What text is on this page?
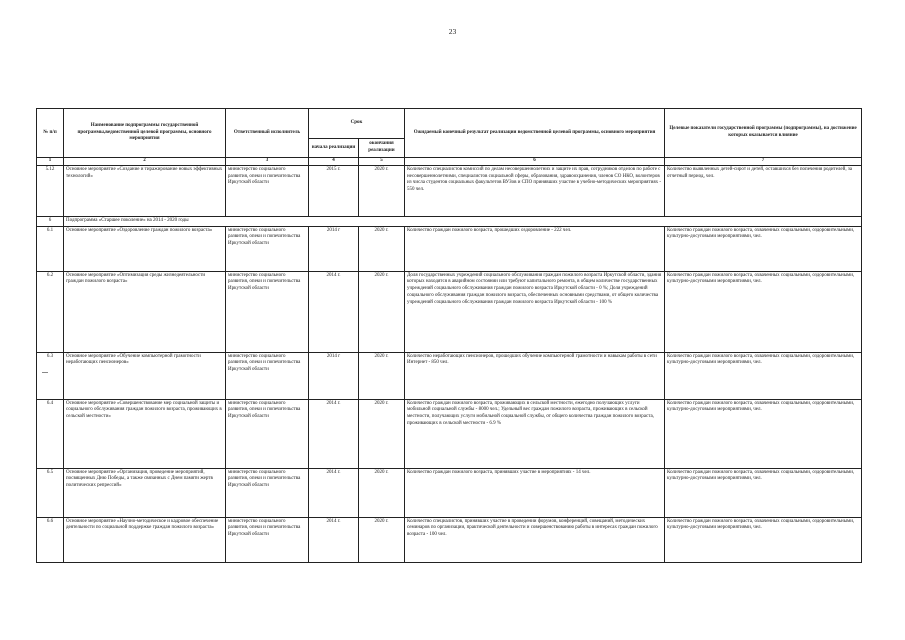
23
№ п/п	Наименование подпрограммы государственной программы,ведомственной целевой программы, основного мероприятия	Ответственный исполнитель	Срок		Ожидаемый конечный результат реализации ведомственной целевой программы, основного мероприятия	Целевые показатели государственной программы (подпрограммы), на достижение которых оказывается влияние
			начала реализации	окончания реализации		
1	2	3	4	5	6	7
5.12	Основное мероприятие «Создание и тиражирование новых эффективных технологий»	министерство социального развития, опеки и попечительства Иркутской области	2015 г.	2020 г.	Количество специалистов комиссий по делам несовершеннолетних и защите их прав, сотрудников отделов по работе с несовершеннолетними, специалистов социальной сферы, образования, здравоохранения, членов СО НКО, волонтеров из числа студентов социальных факультетов ВУЗов и СПО принявших участие в учебно-методических мероприятиях - 550 чел.	Количество выявленных детей-сирот и детей, оставшихся без попечения родителей, за отчетный период, чел.
6	Подпрограмма «Старшее поколение» на 2014 - 2020 годы					
6.1	Основное мероприятие «Оздоровление граждан пожилого возраста»	министерство социального развития, опеки и попечительства Иркутской области	2014 г	2020 г.	Количество граждан пожилого возраста, прошедших оздоровление - 222 чел.	Количество граждан пожилого возраста, охваченных социальными, оздоровительными, культурно-досуговыми мероприятиями, чел.
6.2	Основное мероприятие «Оптимизация среды жизнедеятельности граждан пожилого возраста»	министерство социального развития, опеки и попечительства Иркутской области	2014 г.	2020 г.	Доля государственных учреждений социального обслуживания граждан пожилого возраста Иркутской области, здания которых находятся в аварийном состоянии или требуют капитального ремонта, в общем количестве государственных учреждений социального обслуживания граждан пожилого возраста Иркутской области - 0 %; Доля учреждений социального обслуживания граждан пожилого возраста, обеспеченных основными средствами, от общего количества учреждений социального обслуживания граждан пожилого возраста Иркутской области - 100 %	Количество граждан пожилого возраста, охваченных социальными, оздоровительными, культурно-досуговыми мероприятиями, чел.
6.3	Основное мероприятие «Обучение компьютерной грамотности неработающих пенсионеров»	министерство социального развития, опеки и попечительства Иркутской области	2014 г	2020 г.	Количество неработающих пенсионеров, прошедших обучение компьютерной грамотности и навыкам работы в сети Интернет - 850 чел.	Количество граждан пожилого возраста, охваченных социальными, оздоровительными, культурно-досуговыми мероприятиями, чел.
6.4	Основное мероприятие «Совершенствование мер социальной защиты и социального обслуживания граждан пожилого возраста, проживающих в сельской местности»	министерство социального развития, опеки и попечительства Иркутской области	2014 г.	2020 г.	Количество граждан пожилого возраста, проживающих в сельской местности, ежегодно получающих услуги мобильной социальной службы - 8000 чел.; Удельный вес граждан пожилого возраста, проживающих в сельской местности, получающих услуги мобильной социальной службы, от общего количества граждан пожилого возраста, проживающих в сельской местности - 6.9 %	Количество граждан пожилого возраста, охваченных социальными, оздоровительными, культурно-досуговыми мероприятиями, чел.
6.5	Основное мероприятие «Организация, проведение мероприятий, посвященных Дню Победы, а также связанных с Днем памяти жертв политических репрессий»	министерство социального развития, опеки и попечительства Иркутской области	2014 г.	2020 г.	Количество граждан пожилого возраста, принявших участие в мероприятиях - 14 чел.	Количество граждан пожилого возраста, охваченных социальными, оздоровительными, культурно-досуговыми мероприятиями, чел.
6.6	Основное мероприятие «Научно-методическое и кадровое обеспечение деятельности по социальной поддержке граждан пожилого возраста»	министерство социального развития, опеки и попечительства Иркутской области	2014 г.	2020 г.	Количество специалистов, принявших участие в проведении форумов, конференций, совещаний, методических семинаров по организации, практической деятельности и совершенствованию работы в интересах граждан пожилого возраста - 100 чел.	Количество граждан пожилого возраста, охваченных социальными, оздоровительными, культурно-досуговыми мероприятиями, чел.
